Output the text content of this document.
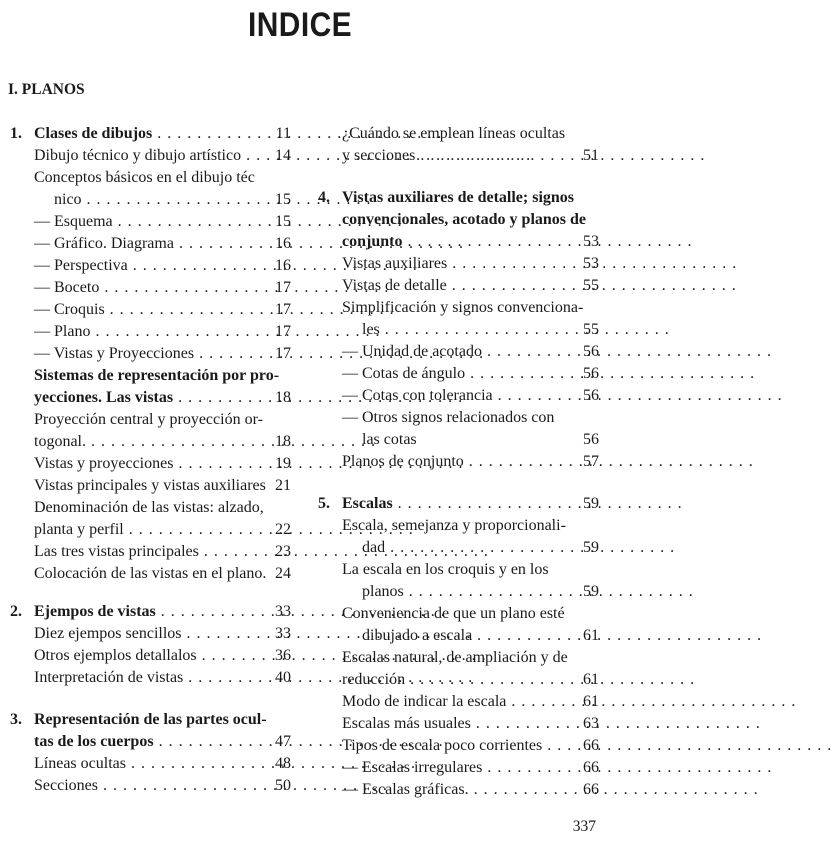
INDICE
I. PLANOS
1. Clases de dibujos . .	11
Dibujo técnico y dibujo artístico . .	14
Conceptos básicos en el dibujo téc
nico . .	15
— Esquema . .	15
— Gráfico. Diagrama . .	16
— Perspectiva . .	16
— Boceto . .	17
— Croquis . .	17
— Plano . .	17
— Vistas y Proyecciones . .	17
Sistemas de representación por pro-
yecciones. Las vistas . .	18
Proyección central y proyección or-
togonal. . .	18
Vistas y proyecciones . .	19
Vistas principales y vistas auxiliares 21
Denominación de las vistas: alzado,
planta y perfil . .	22
Las tres vistas principales . .	23
Colocación de las vistas en el plano. 24
2. Ejempos de vistas . .	33
Diez ejempos sencillos . .	33
Otros ejemplos detallalos . .	36
Interpretación de vistas . .	40
3. Representación de las partes ocul-
tas de los cuerpos . .	47
Líneas ocultas . .	48
Secciones . .	50
¿Cuándo se emplean líneas ocultas
y secciones . .	51
4. Vistas auxiliares de detalle; signos
convencionales, acotado y planos de
conjunto . .	53
Vistas auxiliares . .	53
Vistas de detalle . .	55
Simplificación y signos convenciona-
les . .	55
— Unidad de acotado . .	56
— Cotas de ángulo . .	56
— Cotas con tolerancia . .	56
— Otros signos relacionados con
las cotas	56
Planos de conjunto . .	57
5. Escalas . .	59
Escala, semejanza y proporcionali-
dad . .	59
La escala en los croquis y en los
planos . .	59
Conveniencia de que un plano esté
dibujado a escala . .	61
Escalas natural, de ampliación y de
reducción . .	61
Modo de indicar la escala . .	61
Escalas más usuales . .	63
Tipos de escala poco corrientes . .	66
— Escalas irregulares . .	66
— Escalas gráficas. . .	66
337
